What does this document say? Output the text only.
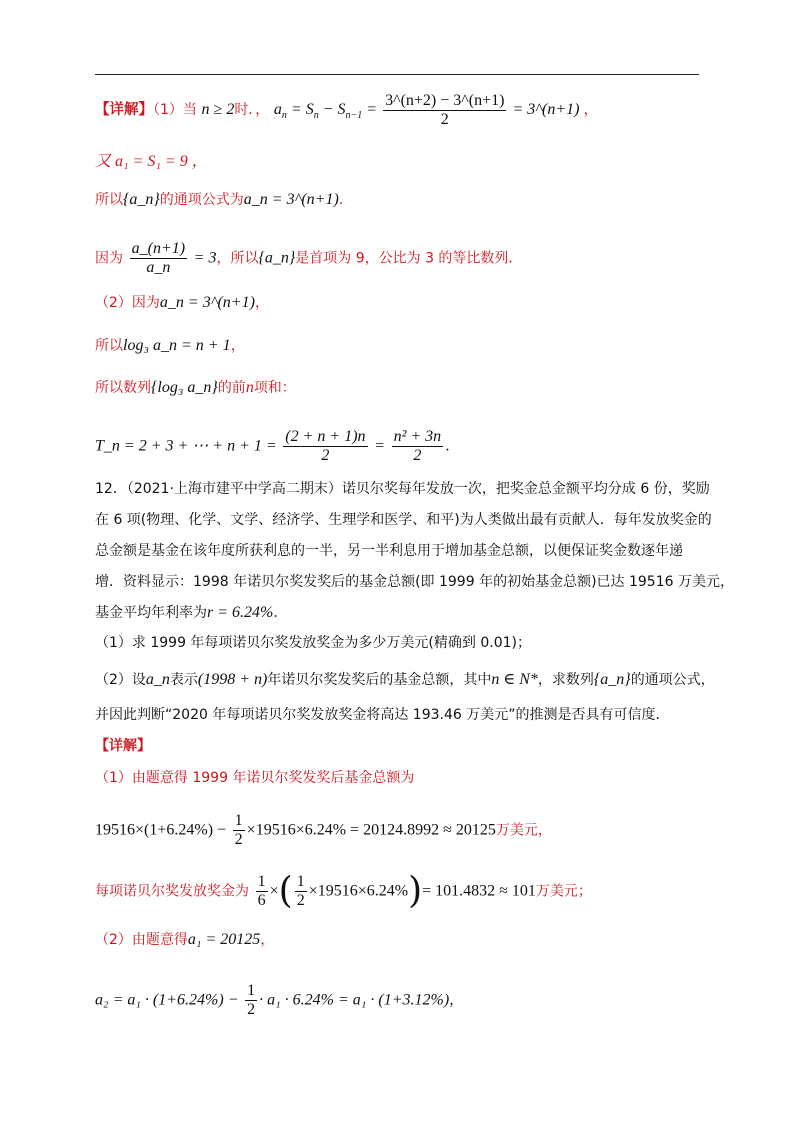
【详解】（1）当 n ≥ 2时．， $a_n = S_n - S_{n-1} = \frac{3\^{}(n+2) - 3\^{}(n+1)}{2}$ = 3^(n+1) ，
又 a₁ = S₁ = 9 ，
所以{a_n}的通项公式为a_n = 3^(n+1)．
因为 $\frac{a\_(n+1)}{a\_n} = 3$，所以{a_n}是首项为 9，公比为 3 的等比数列．
（2）因为a_n = 3^(n+1)，
所以log₃ a_n = n + 1，
所以数列{log₃ a_n}的前n项和：
T_n = 2 + 3 + ⋯ + $n + 1 = \frac{(2 + n + 1)n}{2} = \frac{\text{n² + 3n}}{2}$ .
12．（2021·上海市建平中学高二期末）诺贝尔奖每年发放一次，把奖金总金额平均分成 6 份，奖励
在 6 项(物理、化学、文学、经济学、生理学和医学、和平)为人类做出最有贡献人．每年发放奖金的
总金额是基金在该年度所获利息的一半，另一半利息用于增加基金总额，以便保证奖金数逐年递
增．资料显示：1998 年诺贝尔奖发奖后的基金总额(即 1999 年的初始基金总额)已达 19516 万美元，
基金平均年利率为r = 6.24%．
（1）求 1999 年每项诺贝尔奖发放奖金为多少万美元(精确到 0.01)；
（2）设a_n表示(1998 + n)年诺贝尔奖发奖后的基金总额，其中n ∈ N*，求数列{a_n}的通项公式，
并因此判断“2020 年每项诺贝尔奖发放奖金将高达 193.46 万美元”的推测是否具有可信度．
【详解】
（1）由题意得 1999 年诺贝尔奖发奖后基金总额为
$19516\times(1+6.24\%) - \frac{1}{2} \times 19516\times 6.24\% = 20124.8992 \approx 20125$万美元，
每项诺贝尔奖发放奖金为 $\frac{1}{6}$ ×( $\frac{1}{2} \times 19516\times 6.24\%)= 101.4832 \approx 101$万美元；
（2）由题意得a₁ = 20125，
$a_2 = a_1 \cdot (1+6.24\%) - \frac{1}{2} \cdot a_1 \cdot 6.24\% = a_1 \cdot (1+3.12\%)$，
